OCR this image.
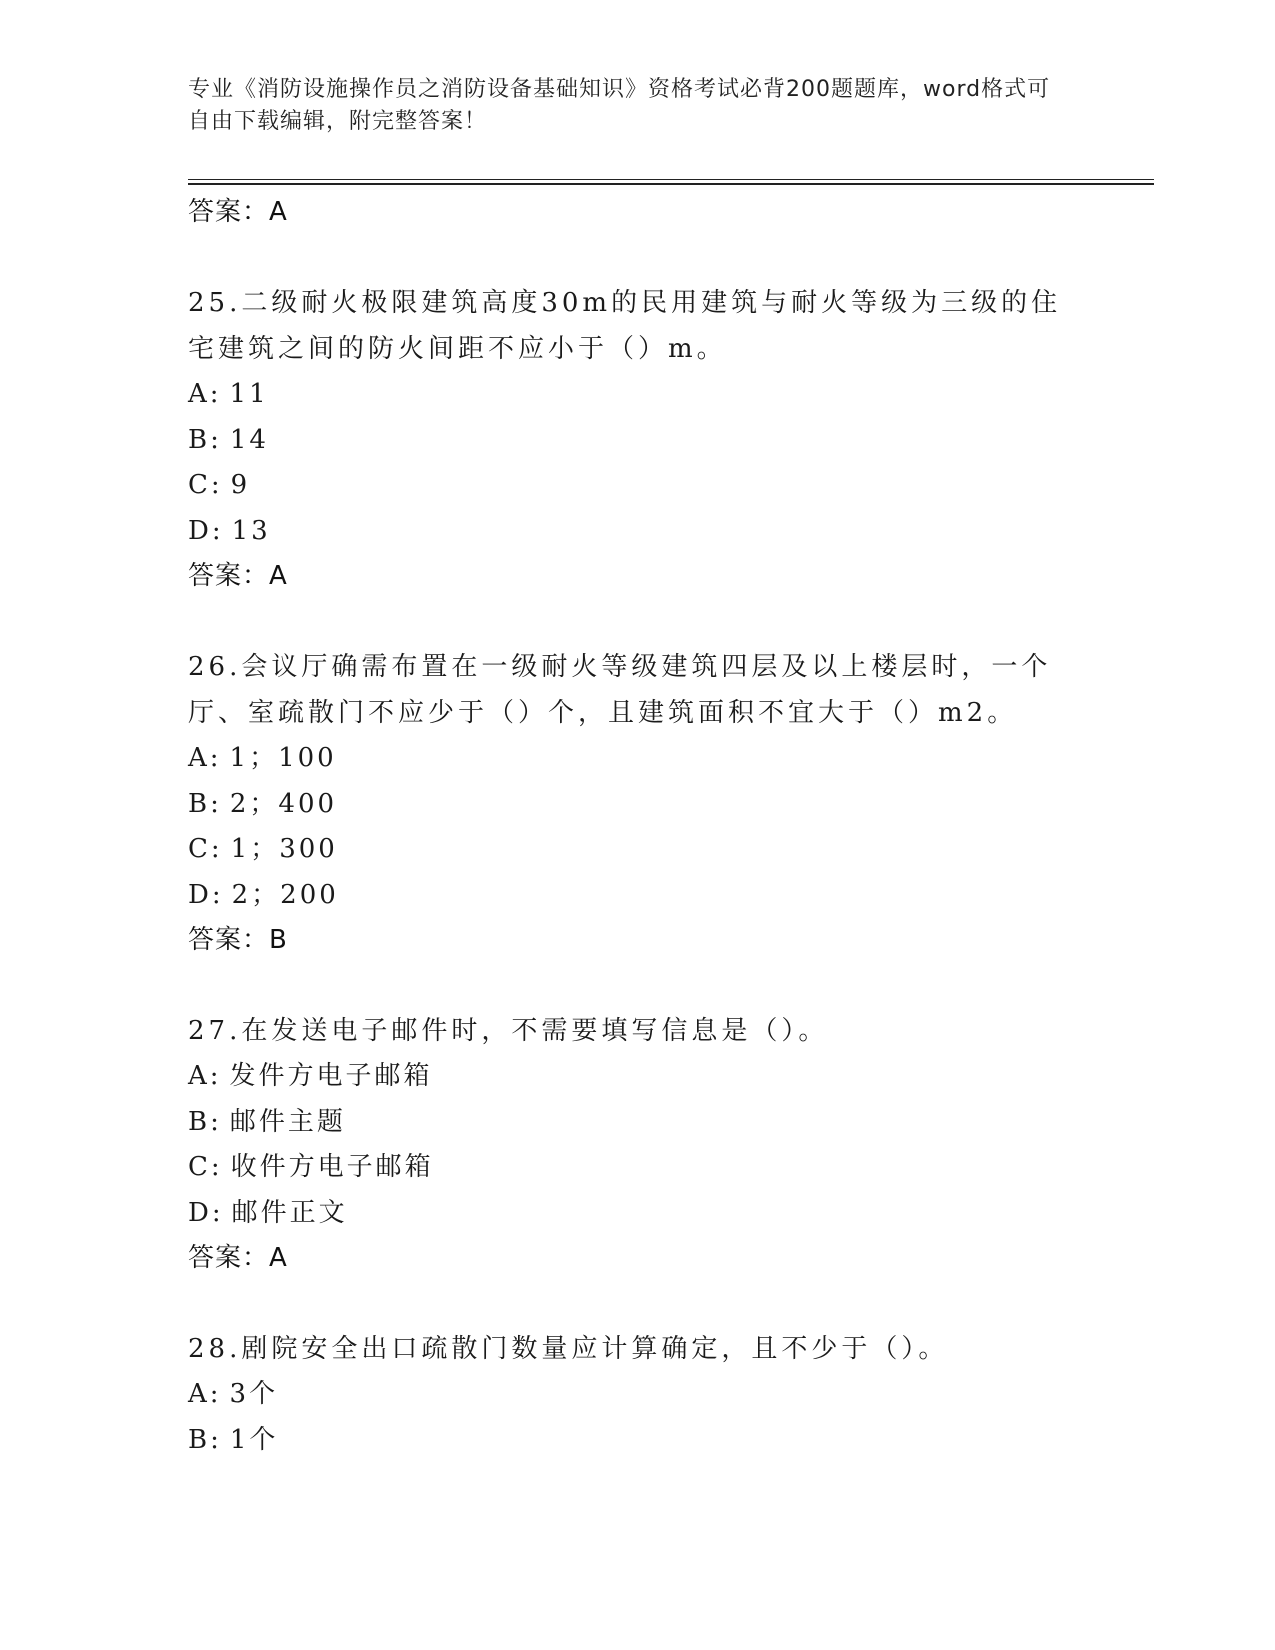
专业《消防设施操作员之消防设备基础知识》资格考试必背200题题库，word格式可自由下载编辑，附完整答案！
答案：A
25.二级耐火极限建筑高度30m的民用建筑与耐火等级为三级的住宅建筑之间的防火间距不应小于（）m。
A: 11
B: 14
C: 9
D: 13
答案：A
26.会议厅确需布置在一级耐火等级建筑四层及以上楼层时，一个厅、室疏散门不应少于（）个，且建筑面积不宜大于（）m2。
A: 1；100
B: 2；400
C: 1；300
D: 2；200
答案：B
27.在发送电子邮件时，不需要填写信息是（）。
A: 发件方电子邮箱
B: 邮件主题
C: 收件方电子邮箱
D: 邮件正文
答案：A
28.剧院安全出口疏散门数量应计算确定，且不少于（）。
A: 3个
B: 1个
